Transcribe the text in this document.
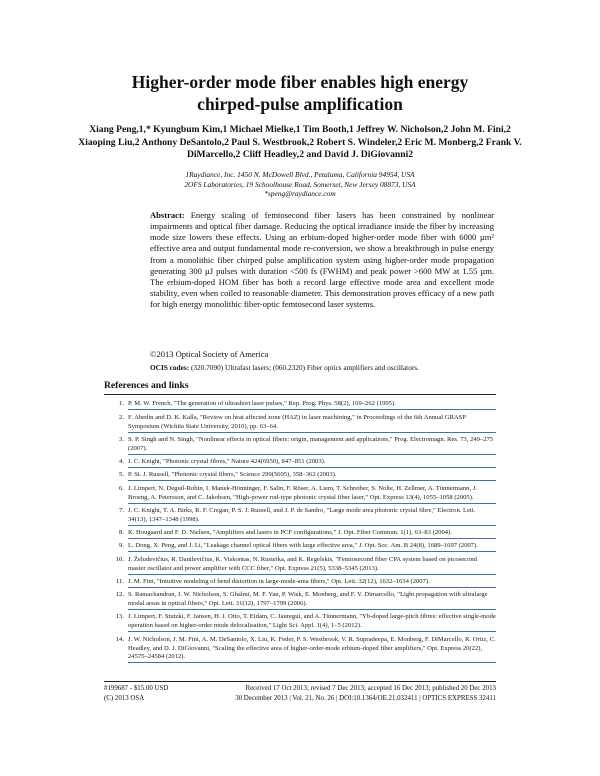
Higher-order mode fiber enables high energy
chirped-pulse amplification
Xiang Peng,1,* Kyungbum Kim,1 Michael Mielke,1 Tim Booth,1 Jeffrey W. Nicholson,2 John M. Fini,2 Xiaoping Liu,2 Anthony DeSantolo,2 Paul S. Westbrook,2 Robert S. Windeler,2 Eric M. Monberg,2 Frank V. DiMarcello,2 Cliff Headley,2 and David J. DiGiovanni2
1Raydiance, Inc. 1450 N. McDowell Blvd., Petaluma, California 94954, USA
2OFS Laboratories, 19 Schoolhouse Road, Somerset, New Jersey 08873, USA
*speng@raydiance.com
Abstract: Energy scaling of femtosecond fiber lasers has been constrained by nonlinear impairments and optical fiber damage. Reducing the optical irradiance inside the fiber by increasing mode size lowers these effects. Using an erbium-doped higher-order mode fiber with 6000 µm² effective area and output fundamental mode re-conversion, we show a breakthrough in pulse energy from a monolithic fiber chirped pulse amplification system using higher-order mode propagation generating 300 µJ pulses with duration <500 fs (FWHM) and peak power >600 MW at 1.55 µm. The erbium-doped HOM fiber has both a record large effective mode area and excellent mode stability, even when coiled to reasonable diameter. This demonstration proves efficacy of a new path for high energy monolithic fiber-optic femtosecond laser systems.
©2013 Optical Society of America
OCIS codes: (320.7090) Ultrafast lasers; (060.2320) Fiber optics amplifiers and oscillators.
References and links
1. P. M. W. French, "The generation of ultrashort laser pulses," Rep. Prog. Phys. 58(2), 169–262 (1995).
2. F. Abedin and D. K. Kalla, "Review on heat affected zone (HAZ) in laser machining," in Proceedings of the 6th Annual GRASP Symposium (Wichita State University, 2010), pp. 63–64.
3. S. P. Singh and N. Singh, "Nonlinear effects in optical fibers: origin, management and applications," Prog. Electromagn. Res. 73, 249–275 (2007).
4. J. C. Knight, "Photonic crystal fibres," Nature 424(6950), 847–851 (2003).
5. P. St. J. Russell, "Photonic crystal fibers," Science 299(5605), 358–362 (2003).
6. J. Limpert, N. Deguil-Robin, I. Manek-Hönninger, F. Salin, F. Röser, A. Liem, T. Schreiber, S. Nolte, H. Zellmer, A. Tünnermann, J. Broeng, A. Petersson, and C. Jakobsen, "High-power rod-type photonic crystal fiber laser," Opt. Express 13(4), 1055–1058 (2005).
7. J. C. Knight, T. A. Birks, R. F. Cregan, P. S. J. Russell, and J. P. de Sandro, "Large mode area photonic crystal fibre," Electron. Lett. 34(13), 1347–1348 (1998).
8. K. Hougaard and F. D. Nielsen, "Amplifiers and lasers in PCF configurations," J. Opt. Fiber Commun. 1(1), 63–83 (2004).
9. L. Dong, X. Peng, and J. Li, "Leakage channel optical fibers with large effective area," J. Opt. Soc. Am. B 24(8), 1689–1697 (2007).
10. J. Želudevičius, R. Danilevičius, K. Viskontas, N. Rusteika, and K. Regelskis, "Femtosecond fiber CPA system based on picosecond master oscillator and power amplifier with CCC fiber," Opt. Express 21(5), 5338–5345 (2013).
11. J. M. Fini, "Intuitive modeling of bend distortion in large-mode-area fibers," Opt. Lett. 32(12), 1632–1634 (2007).
12. S. Ramachandran, J. W. Nicholson, S. Ghalmi, M. F. Yan, P. Wisk, E. Monberg, and F. V. Dimarcello, "Light propagation with ultralarge modal areas in optical fibers," Opt. Lett. 31(12), 1797–1799 (2006).
13. J. Limpert, F. Stutzki, F. Jansen, H. J. Otto, T. Eidam, C. Jauregui, and A. Tünnermann, "Yb-doped large-pitch fibres: effective single-mode operation based on higher-order mode delocalisation," Light Sci. Appl. 1(4), 1–5 (2012).
14. J. W. Nicholson, J. M. Fini, A. M. DeSantolo, X. Liu, K. Feder, P. S. Westbrook, V. R. Supradeepa, E. Monberg, F. DiMarcello, R. Ortiz, C. Headley, and D. J. DiGiovanni, "Scaling the effective area of higher-order-mode erbium-doped fiber amplifiers," Opt. Express 20(22), 24575–24584 (2012).
#199687 - $15.00 USD	Received 17 Oct 2013; revised 7 Dec 2013; accepted 16 Dec 2013; published 20 Dec 2013
(C) 2013 OSA	30 December 2013 | Vol. 21, No. 26 | DOI:10.1364/OE.21.032411 | OPTICS EXPRESS 32411
